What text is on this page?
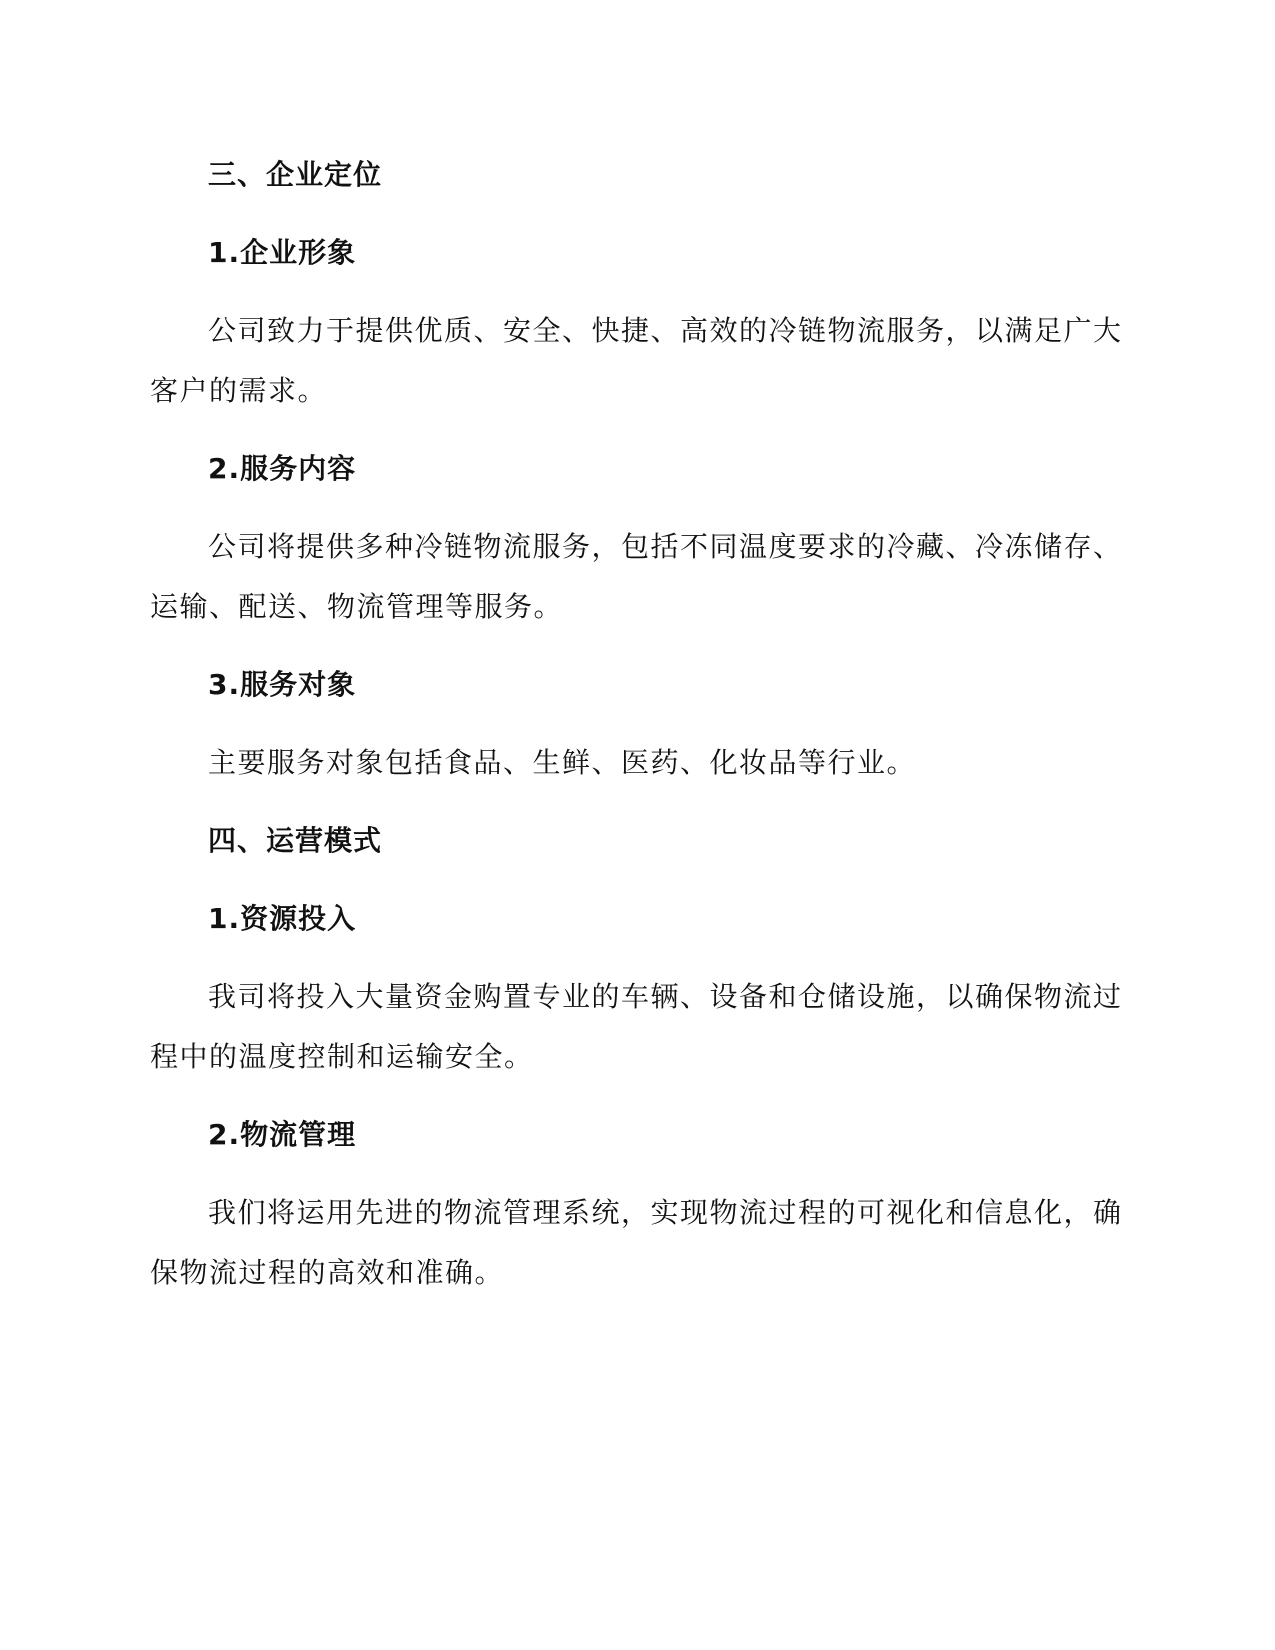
三、企业定位
1.企业形象

公司致力于提供优质、安全、快捷、高效的冷链物流服务，以满足广大客户的需求。

2.服务内容

公司将提供多种冷链物流服务，包括不同温度要求的冷藏、冷冻储存、运输、配送、物流管理等服务。

3.服务对象

主要服务对象包括食品、生鲜、医药、化妆品等行业。

四、运营模式
1.资源投入

我司将投入大量资金购置专业的车辆、设备和仓储设施，以确保物流过程中的温度控制和运输安全。

2.物流管理

我们将运用先进的物流管理系统，实现物流过程的可视化和信息化，确保物流过程的高效和准确。
